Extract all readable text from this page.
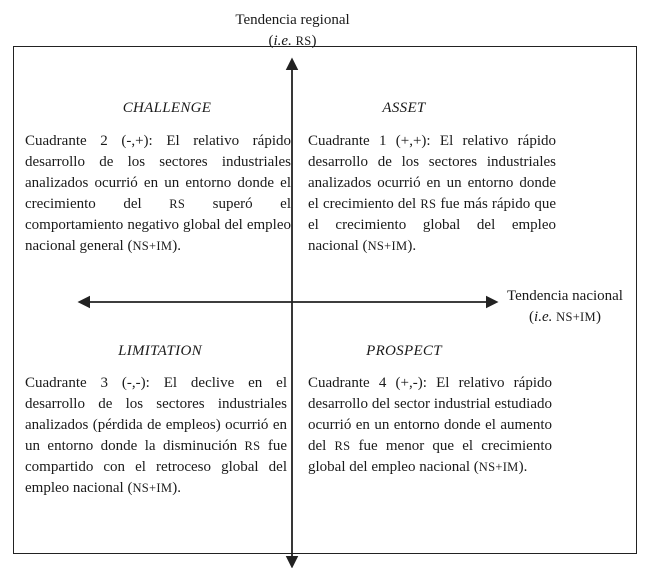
Tendencia regional
(i.e. RS)
Tendencia nacional
(i.e. NS+IM)
CHALLENGE
Cuadrante 2 (-,+): El relativo rápido desarrollo de los sectores industriales analizados ocurrió en un entorno donde el crecimiento del RS superó el comportamiento negativo global del empleo nacional general (NS+IM).
ASSET
Cuadrante 1 (+,+): El relativo rápido desarrollo de los sectores industriales analizados ocurrió en un entorno donde el crecimiento del RS fue más rápido que el crecimiento global del empleo nacional (NS+IM).
LIMITATION
Cuadrante 3 (-,-): El declive en el desarrollo de los sectores industriales analizados (pérdida de empleos) ocurrió en un entorno donde la disminución RS fue compartido con el retroceso global del empleo nacional (NS+IM).
PROSPECT
Cuadrante 4 (+,-): El relativo rápido desarrollo del sector industrial estudiado ocurrió en un entorno donde el aumento del RS fue menor que el crecimiento global del empleo nacional (NS+IM).
